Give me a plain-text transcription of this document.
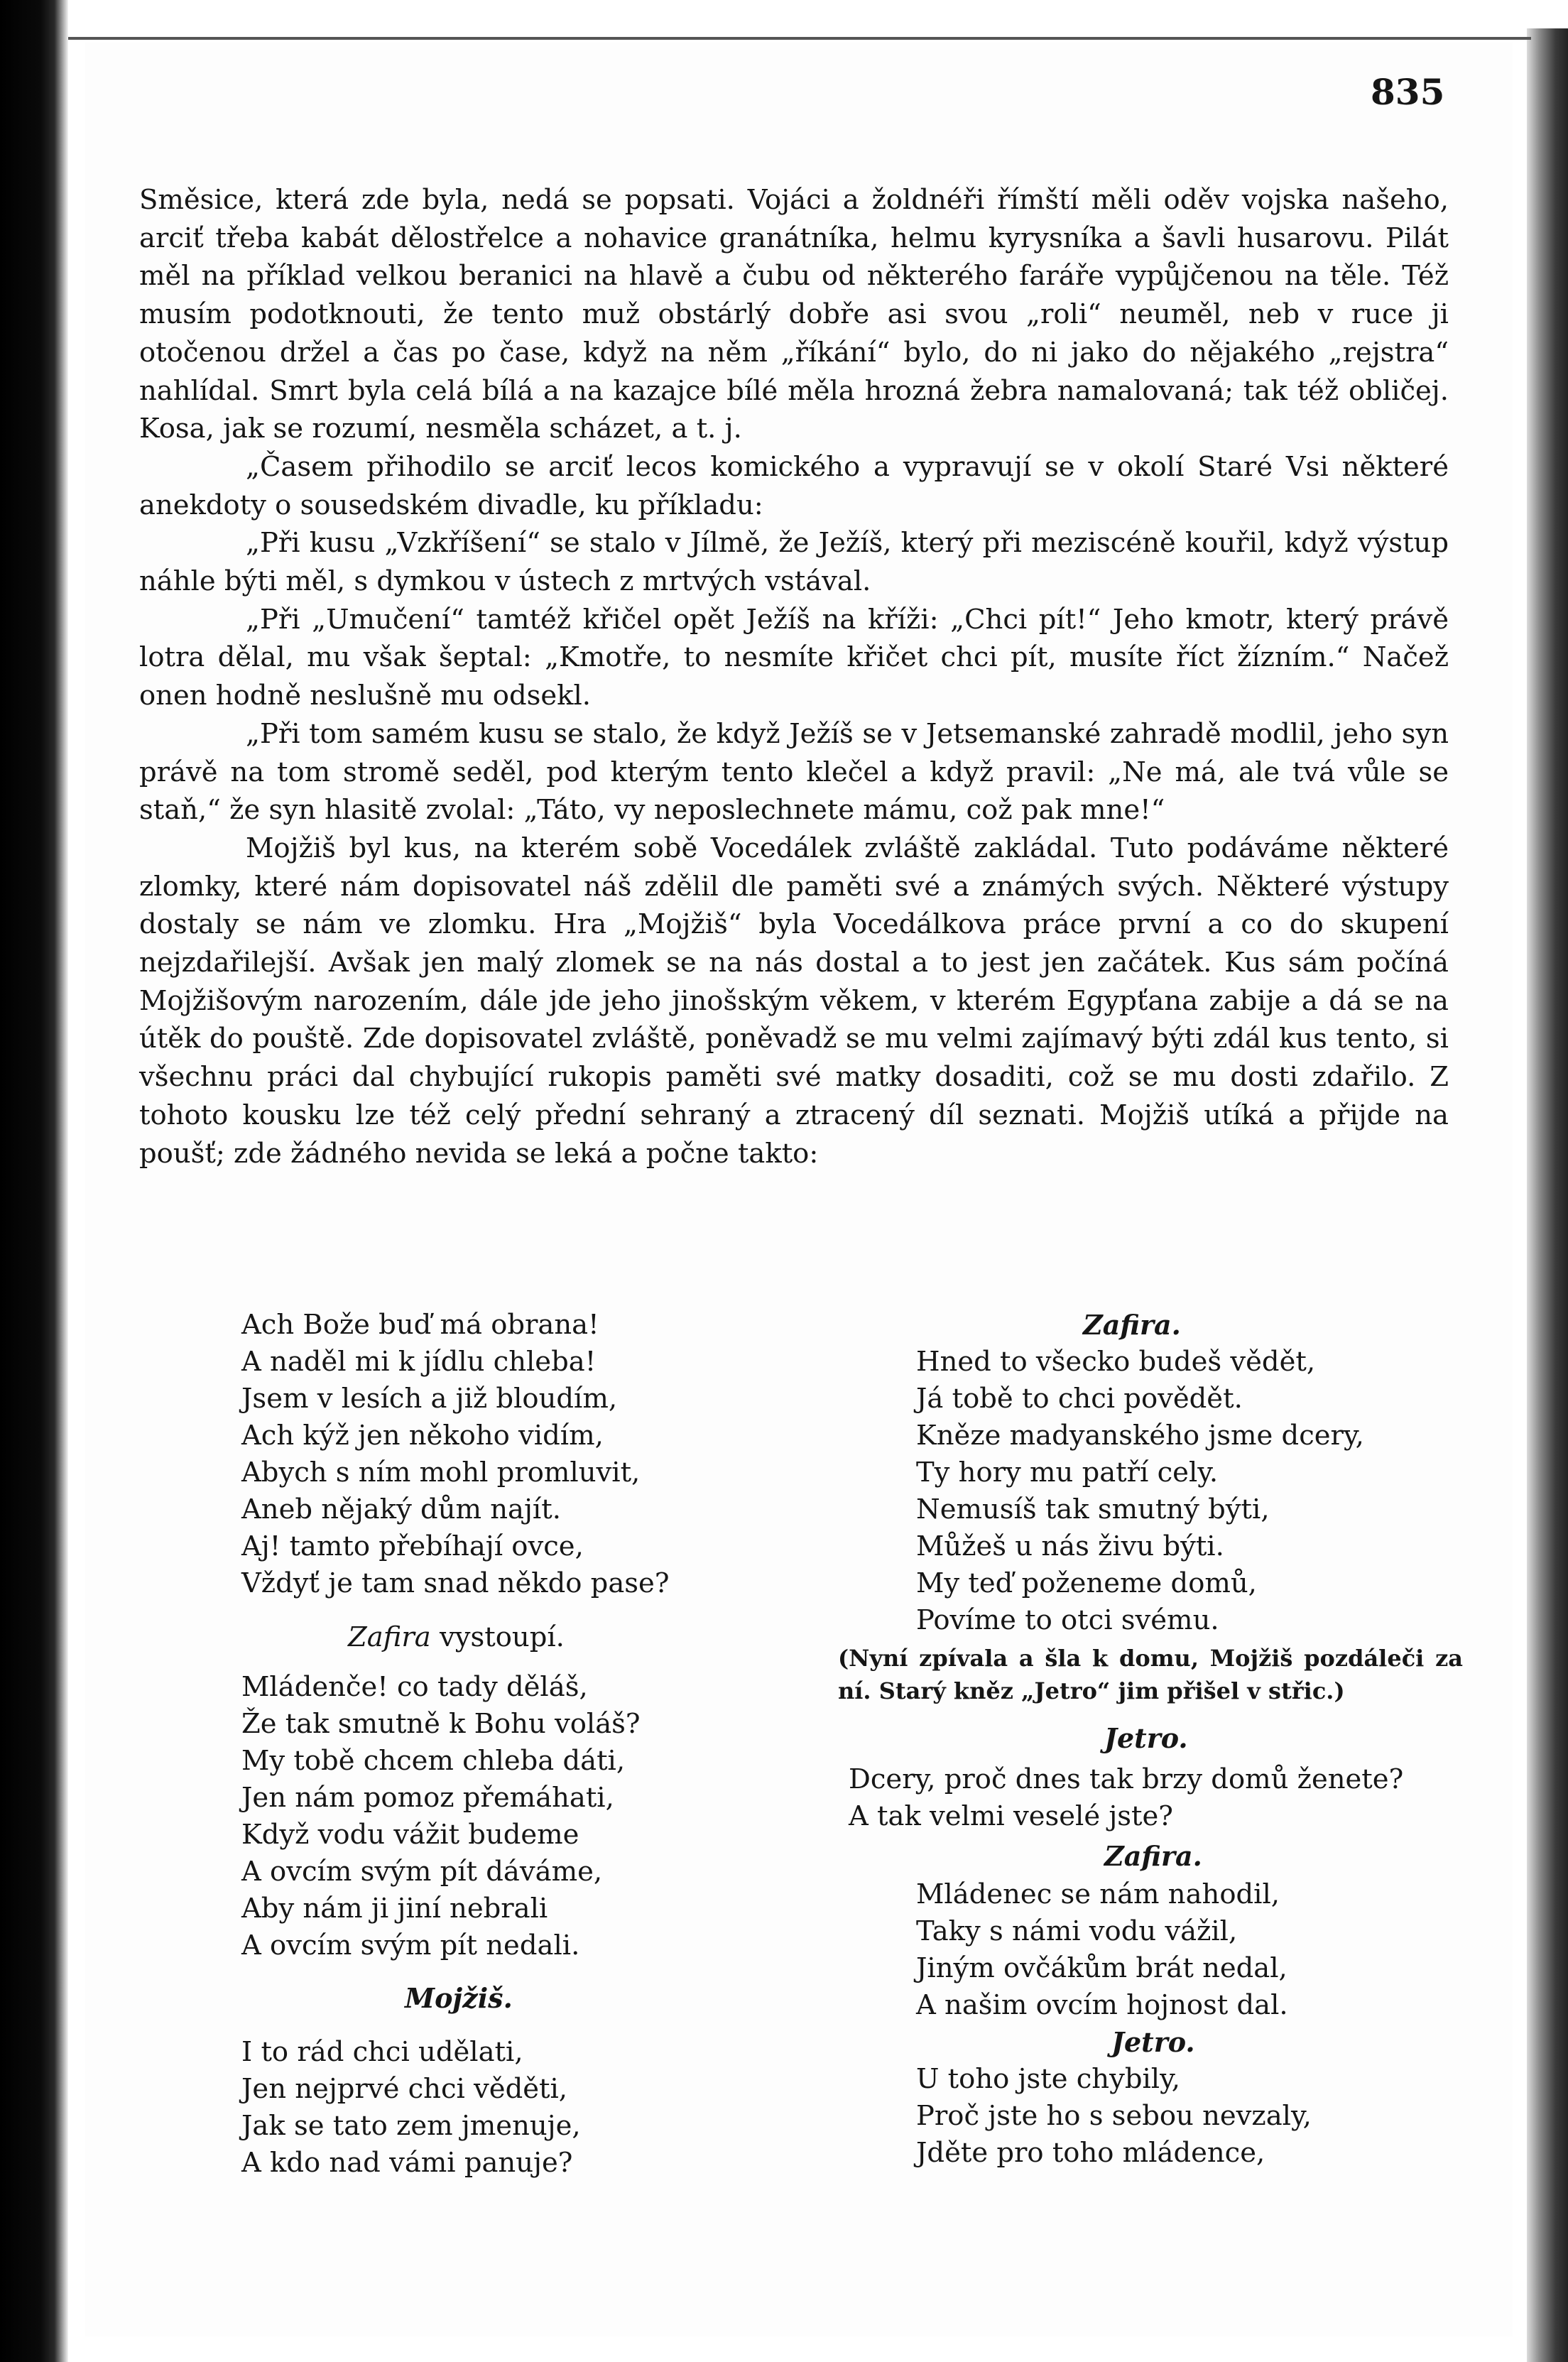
835

Směsice, která zde byla, nedá se popsati. Vojáci a žoldnéři římští měli oděv vojska našeho, arciť třeba kabát dělostřelce a nohavice granátníka, helmu kyrysníka a šavli husarovu. Pilát měl na příklad velkou beranici na hlavě a čubu od některého faráře vypůjčenou na těle. Též musím podotknouti, že tento muž obstárlý dobře asi svou „roli“ neuměl, neb v ruce ji otočenou držel a čas po čase, když na něm „říkání“ bylo, do ni jako do nějakého „rejstra“ nahlídal. Smrt byla celá bílá a na kazajce bílé měla hrozná žebra namalovaná; tak též obličej. Kosa, jak se rozumí, nesměla scházet, a t. j.

„Časem přihodilo se arciť lecos komického a vypravují se v okolí Staré Vsi některé anekdoty o sousedském divadle, ku příkladu:

„Při kusu „Vzkříšení“ se stalo v Jílmě, že Ježíš, který při meziscéně kouřil, když výstup náhle býti měl, s dymkou v ústech z mrtvých vstával.

„Při „Umučení“ tamtéž křičel opět Ježíš na kříži: „Chci pít!“ Jeho kmotr, který právě lotra dělal, mu však šeptal: „Kmotře, to nesmíte křičet chci pít, musíte říct žízním.“ Načež onen hodně neslušně mu odsekl.

„Při tom samém kusu se stalo, že když Ježíš se v Jetsemanské zahradě modlil, jeho syn právě na tom stromě seděl, pod kterým tento klečel a když pravil: „Ne má, ale tvá vůle se staň,“ že syn hlasitě zvolal: „Táto, vy neposlechnete mámu, což pak mne!“

Mojžiš byl kus, na kterém sobě Vocedálek zvláště zakládal. Tuto podáváme některé zlomky, které nám dopisovatel náš zdělil dle paměti své a známých svých. Některé výstupy dostaly se nám ve zlomku. Hra „Mojžiš“ byla Vocedálkova práce první a co do skupení nejzdařilejší. Avšak jen malý zlomek se na nás dostal a to jest jen začátek. Kus sám počíná Mojžišovým narozením, dále jde jeho jinošským věkem, v kterém Egypťana zabije a dá se na útěk do pouště. Zde dopisovatel zvláště, poněvadž se mu velmi zajímavý býti zdál kus tento, si všechnu práci dal chybující rukopis paměti své matky dosaditi, což se mu dosti zdařilo. Z tohoto kousku lze též celý přední sehraný a ztracený díl seznati. Mojžiš utíká a přijde na poušť; zde žádného nevida se leká a počne takto:

Ach Bože buď má obrana!

A naděl mi k jídlu chleba!

Jsem v lesích a již bloudím,

Ach kýž jen někoho vidím,

Abych s ním mohl promluvit,

Aneb nějaký dům najít.

Aj! tamto přebíhají ovce,

Vždyť je tam snad někdo pase?

Zafira vystoupí.

Mládenče! co tady děláš,

Že tak smutně k Bohu voláš?

My tobě chcem chleba dáti,

Jen nám pomoz přemáhati,

Když vodu vážit budeme

A ovcím svým pít dáváme,

Aby nám ji jiní nebrali

A ovcím svým pít nedali.

Mojžiš.

I to rád chci udělati,

Jen nejprvé chci věděti,

Jak se tato zem jmenuje,

A kdo nad vámi panuje?

Zafira.

Hned to všecko budeš vědět,

Já tobě to chci povědět.

Kněze madyanského jsme dcery,

Ty hory mu patří cely.

Nemusíš tak smutný býti,

Můžeš u nás živu býti.

My teď poženeme domů,

Povíme to otci svému.

(Nyní zpívala a šla k domu, Mojžiš pozdáleči za ní. Starý kněz „Jetro“ jim přišel v střic.)

Jetro.

Dcery, proč dnes tak brzy domů ženete?

A tak velmi veselé jste?

Zafira.

Mládenec se nám nahodil,

Taky s námi vodu vážil,

Jiným ovčákům brát nedal,

A našim ovcím hojnost dal.

Jetro.

U toho jste chybily,

Proč jste ho s sebou nevzaly,

Jděte pro toho mládence,
